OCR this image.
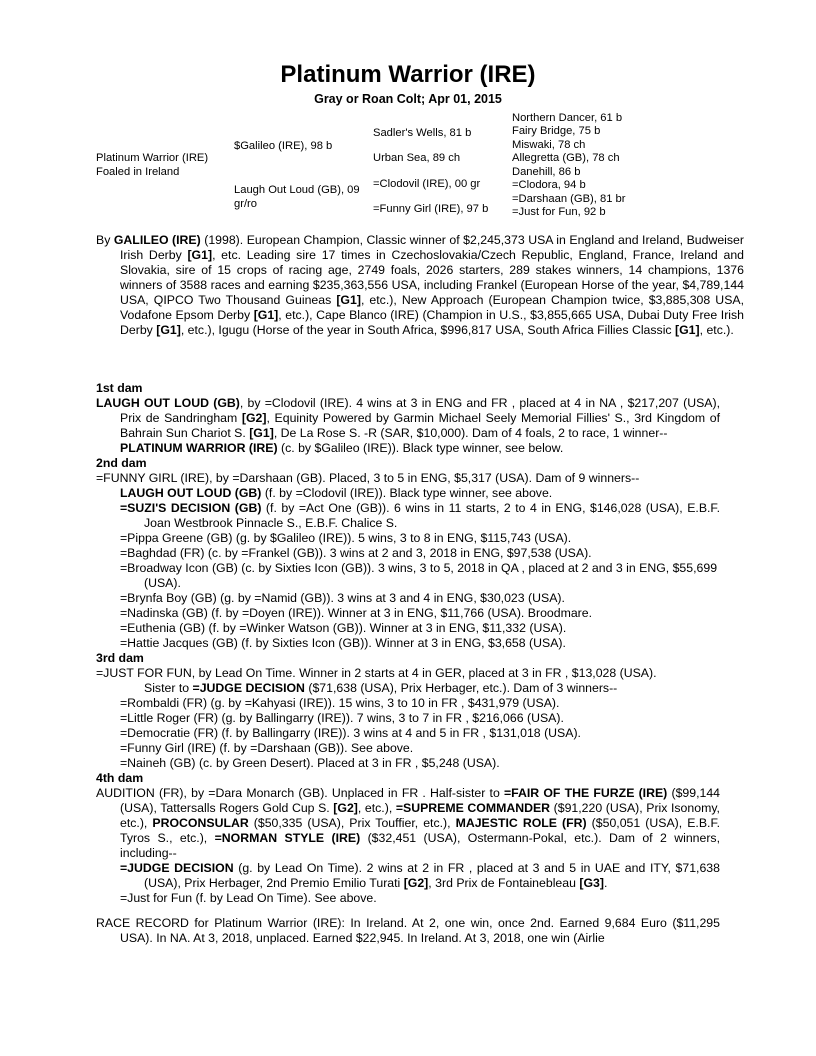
Platinum Warrior (IRE)
Gray or Roan Colt; Apr 01, 2015
Platinum Warrior (IRE)
Foaled in Ireland
$Galileo (IRE), 98 b
Laugh Out Loud (GB), 09
gr/ro
Sadler's Wells, 81 b
Urban Sea, 89 ch
=Clodovil (IRE), 00 gr
=Funny Girl (IRE), 97 b
Northern Dancer, 61 b
Fairy Bridge, 75 b
Miswaki, 78 ch
Allegretta (GB), 78 ch
Danehill, 86 b
=Clodora, 94 b
=Darshaan (GB), 81 br
=Just for Fun, 92 b
By GALILEO (IRE) (1998). European Champion, Classic winner of $2,245,373 USA in England and Ireland, Budweiser Irish Derby [G1], etc. Leading sire 17 times in Czechoslovakia/Czech Republic, England, France, Ireland and Slovakia, sire of 15 crops of racing age, 2749 foals, 2026 starters, 289 stakes winners, 14 champions, 1376 winners of 3588 races and earning $235,363,556 USA, including Frankel (European Horse of the year, $4,789,144 USA, QIPCO Two Thousand Guineas [G1], etc.), New Approach (European Champion twice, $3,885,308 USA, Vodafone Epsom Derby [G1], etc.), Cape Blanco (IRE) (Champion in U.S., $3,855,665 USA, Dubai Duty Free Irish Derby [G1], etc.), Igugu (Horse of the year in South Africa, $996,817 USA, South Africa Fillies Classic [G1], etc.).
1st dam
LAUGH OUT LOUD (GB), by =Clodovil (IRE). 4 wins at 3 in ENG and FR , placed at 4 in NA , $217,207 (USA), Prix de Sandringham [G2], Equinity Powered by Garmin Michael Seely Memorial Fillies' S., 3rd Kingdom of Bahrain Sun Chariot S. [G1], De La Rose S. -R (SAR, $10,000). Dam of 4 foals, 2 to race, 1 winner--
PLATINUM WARRIOR (IRE) (c. by $Galileo (IRE)). Black type winner, see below.
2nd dam
=FUNNY GIRL (IRE), by =Darshaan (GB). Placed, 3 to 5 in ENG, $5,317 (USA). Dam of 9 winners--
LAUGH OUT LOUD (GB) (f. by =Clodovil (IRE)). Black type winner, see above.
=SUZI'S DECISION (GB) (f. by =Act One (GB)). 6 wins in 11 starts, 2 to 4 in ENG, $146,028 (USA), E.B.F. Joan Westbrook Pinnacle S., E.B.F. Chalice S.
=Pippa Greene (GB) (g. by $Galileo (IRE)). 5 wins, 3 to 8 in ENG, $115,743 (USA).
=Baghdad (FR) (c. by =Frankel (GB)). 3 wins at 2 and 3, 2018 in ENG, $97,538 (USA).
=Broadway Icon (GB) (c. by Sixties Icon (GB)). 3 wins, 3 to 5, 2018 in QA , placed at 2 and 3 in ENG, $55,699 (USA).
=Brynfa Boy (GB) (g. by =Namid (GB)). 3 wins at 3 and 4 in ENG, $30,023 (USA).
=Nadinska (GB) (f. by =Doyen (IRE)). Winner at 3 in ENG, $11,766 (USA). Broodmare.
=Euthenia (GB) (f. by =Winker Watson (GB)). Winner at 3 in ENG, $11,332 (USA).
=Hattie Jacques (GB) (f. by Sixties Icon (GB)). Winner at 3 in ENG, $3,658 (USA).
3rd dam
=JUST FOR FUN, by Lead On Time. Winner in 2 starts at 4 in GER, placed at 3 in FR , $13,028 (USA).
Sister to =JUDGE DECISION ($71,638 (USA), Prix Herbager, etc.). Dam of 3 winners--
=Rombaldi (FR) (g. by =Kahyasi (IRE)). 15 wins, 3 to 10 in FR , $431,979 (USA).
=Little Roger (FR) (g. by Ballingarry (IRE)). 7 wins, 3 to 7 in FR , $216,066 (USA).
=Democratie (FR) (f. by Ballingarry (IRE)). 3 wins at 4 and 5 in FR , $131,018 (USA).
=Funny Girl (IRE) (f. by =Darshaan (GB)). See above.
=Naineh (GB) (c. by Green Desert). Placed at 3 in FR , $5,248 (USA).
4th dam
AUDITION (FR), by =Dara Monarch (GB). Unplaced in FR . Half-sister to =FAIR OF THE FURZE (IRE) ($99,144 (USA), Tattersalls Rogers Gold Cup S. [G2], etc.), =SUPREME COMMANDER ($91,220 (USA), Prix Isonomy, etc.), PROCONSULAR ($50,335 (USA), Prix Touffier, etc.), MAJESTIC ROLE (FR) ($50,051 (USA), E.B.F. Tyros S., etc.), =NORMAN STYLE (IRE) ($32,451 (USA), Ostermann-Pokal, etc.). Dam of 2 winners, including--
=JUDGE DECISION (g. by Lead On Time). 2 wins at 2 in FR , placed at 3 and 5 in UAE and ITY, $71,638 (USA), Prix Herbager, 2nd Premio Emilio Turati [G2], 3rd Prix de Fontainebleau [G3].
=Just for Fun (f. by Lead On Time). See above.
RACE RECORD for Platinum Warrior (IRE): In Ireland. At 2, one win, once 2nd. Earned 9,684 Euro ($11,295 USA). In NA. At 3, 2018, unplaced. Earned $22,945. In Ireland. At 3, 2018, one win (Airlie
